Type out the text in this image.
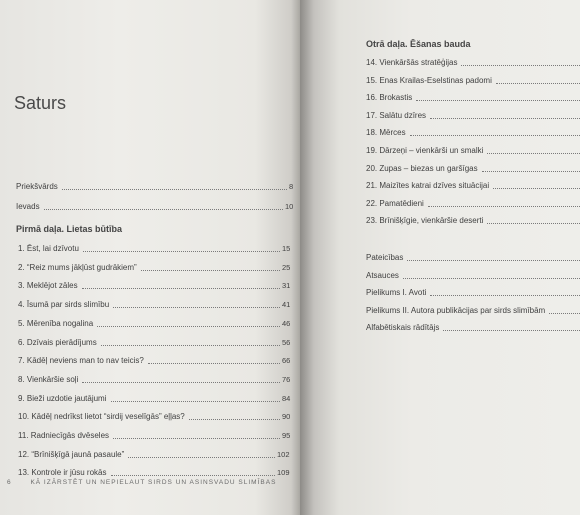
Saturs
Priekšvārds	8
Ievads	10
Pirmā daļa. Lietas būtība
1. Ēst, lai dzīvotu	15
2. “Reiz mums jākļūst gudrākiem”	25
3. Meklējot zāles	31
4. Īsumā par sirds slimību	41
5. Mērenība nogalina	46
6. Dzīvais pierādījums	56
7. Kādēļ neviens man to nav teicis?	66
8. Vienkāršie soļi	76
9. Bieži uzdotie jautājumi	84
10. Kādēļ nedrīkst lietot “sirdij veselīgās” eļļas?	90
11. Radniecīgās dvēseles	95
12. “Brīnišķīgā jaunā pasaule”	102
13. Kontrole ir jūsu rokās	109
6	KĀ IZĀRSTĒT UN NEPIELAUT SIRDS UN ASINSVADU SLIMĪBAS
Otrā daļa. Ēšanas bauda
14. Vienkāršās stratēģijas
15. Enas Krailas-Eselstinas padomi
16. Brokastis
17. Salātu dzīres
18. Mērces
19. Dārzeņi – vienkārši un smalki
20. Zupas – biezas un garšīgas
21. Maizītes katrai dzīves situācijai
22. Pamatēdieni
23. Brīnišķīgie, vienkāršie deserti
Pateicības
Atsauces
Pielikums I. Avoti
Pielikums II. Autora publikācijas par sirds slimībām
Alfabētiskais rādītājs
